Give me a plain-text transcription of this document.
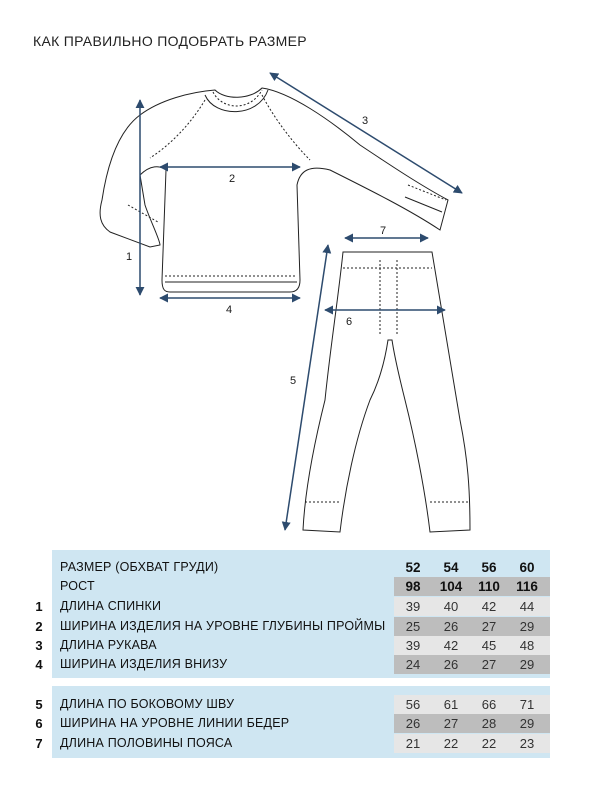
КАК ПРАВИЛЬНО ПОДОБРАТЬ РАЗМЕР
1
2
3
4
5
6
7
РАЗМЕР (ОБХВАТ ГРУДИ)	52	54	56	60
РОСТ	98	104	110	116
1 ДЛИНА СПИНКИ	39	40	42	44
2 ШИРИНА ИЗДЕЛИЯ НА УРОВНЕ ГЛУБИНЫ ПРОЙМЫ	25	26	27	29
3 ДЛИНА РУКАВА	39	42	45	48
4 ШИРИНА ИЗДЕЛИЯ ВНИЗУ	24	26	27	29
5 ДЛИНА ПО БОКОВОМУ ШВУ	56	61	66	71
6 ШИРИНА НА УРОВНЕ ЛИНИИ БЕДЕР	26	27	28	29
7 ДЛИНА ПОЛОВИНЫ ПОЯСА	21	22	22	23
